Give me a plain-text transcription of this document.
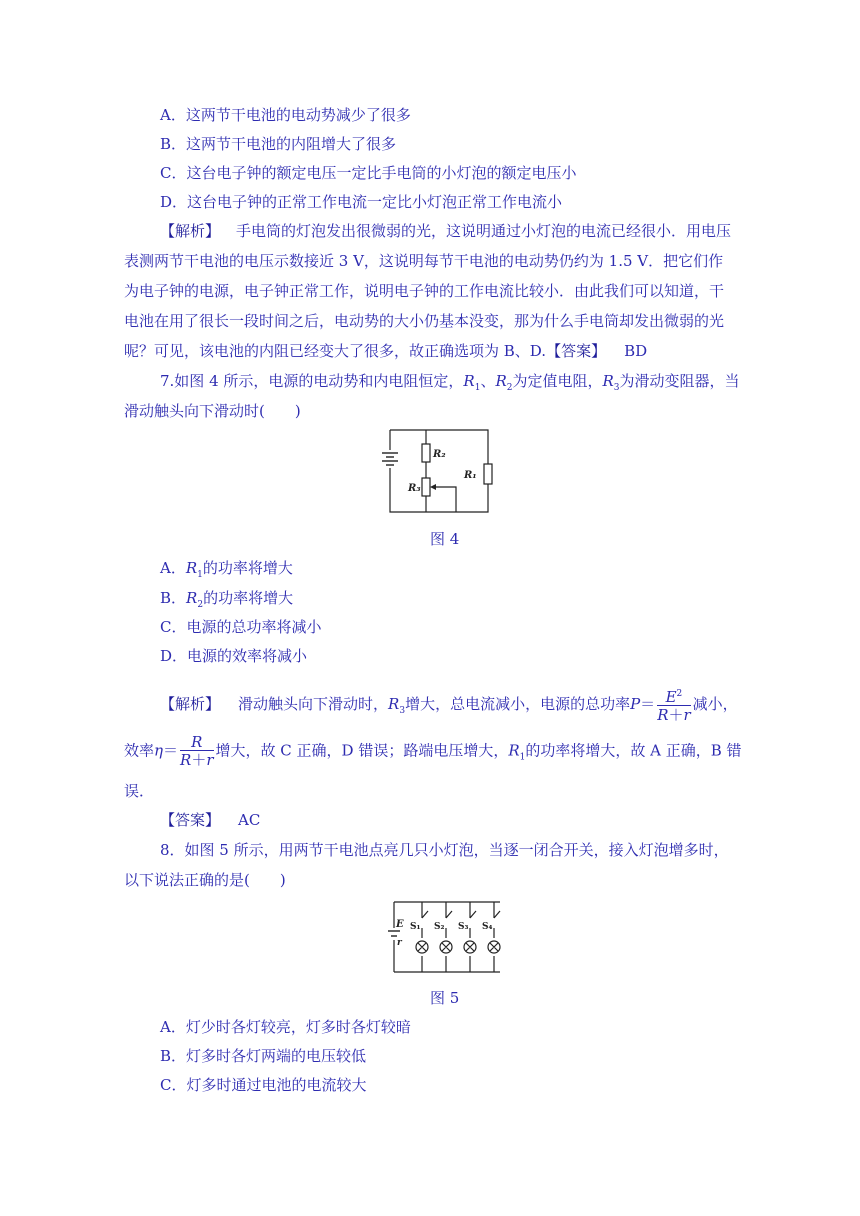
A．这两节干电池的电动势减少了很多
B．这两节干电池的内阻增大了很多
C．这台电子钟的额定电压一定比手电筒的小灯泡的额定电压小
D．这台电子钟的正常工作电流一定比小灯泡正常工作电流小
【解析】 手电筒的灯泡发出很微弱的光，这说明通过小灯泡的电流已经很小．用电压
表测两节干电池的电压示数接近 3 V，这说明每节干电池的电动势仍约为 1.5 V．把它们作
为电子钟的电源，电子钟正常工作，说明电子钟的工作电流比较小．由此我们可以知道，干
电池在用了很长一段时间之后，电动势的大小仍基本没变，那为什么手电筒却发出微弱的光
呢？可见，该电池的内阻已经变大了很多，故正确选项为 B、D.【答案】 BD
7.如图 4 所示，电源的电动势和内电阻恒定，$R_1$、$R_2$为定值电阻，$R_3$为滑动变阻器，当
滑动触头向下滑动时(　　)
R₂
R₃
R₁
图 4
A．$R_1$的功率将增大
B．$R_2$的功率将增大
C．电源的总功率将减小
D．电源的效率将减小
【解析】 滑动触头向下滑动时，$R_3$增大，总电流减小，电源的总功率$P= \frac{E^2}{R+r}$ 减小，
效率$\eta= \frac{R}{R+r}$ 增大，故 C 正确，D 错误；路端电压增大，$R_1$的功率将增大，故 A 正确，B 错
误．
【答案】 AC
8．如图 5 所示，用两节干电池点亮几只小灯泡，当逐一闭合开关，接入灯泡增多时，
以下说法正确的是(　　)
E
r
S₁ S₂ S₃ S₄
图 5
A．灯少时各灯较亮，灯多时各灯较暗
B．灯多时各灯两端的电压较低
C．灯多时通过电池的电流较大
